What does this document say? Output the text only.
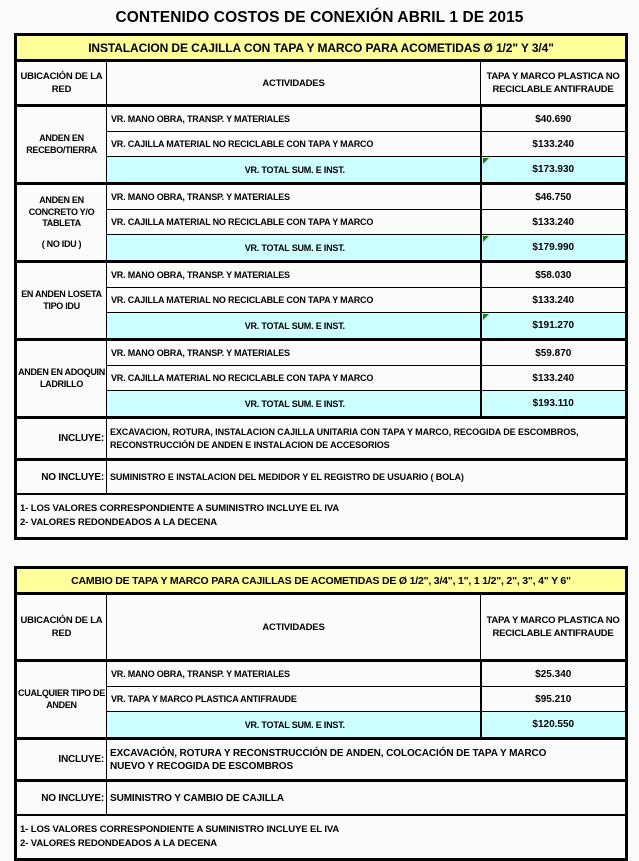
CONTENIDO COSTOS DE CONEXIÓN ABRIL 1 DE 2015
INSTALACION DE CAJILLA CON TAPA Y MARCO PARA ACOMETIDAS Ø 1/2" Y 3/4"		
UBICACIÓN DE LA RED	ACTIVIDADES	TAPA Y MARCO PLASTICA NO RECICLABLE ANTIFRAUDE

ANDEN EN RECEBO/TIERRA	VR. MANO OBRA, TRANSP. Y MATERIALES	$40.690
	VR. CAJILLA MATERIAL NO RECICLABLE CON TAPA Y MARCO	$133.240
	VR. TOTAL SUM. E INST.	$173.930

ANDEN EN CONCRETO Y/O TABLETA
( NO IDU )	VR. MANO OBRA, TRANSP. Y MATERIALES	$46.750
	VR. CAJILLA MATERIAL NO RECICLABLE CON TAPA Y MARCO	$133.240
	VR. TOTAL SUM. E INST.	$179.990

EN ANDEN LOSETA TIPO IDU	VR. MANO OBRA, TRANSP. Y MATERIALES	$58.030
	VR. CAJILLA MATERIAL NO RECICLABLE CON TAPA Y MARCO	$133.240
	VR. TOTAL SUM. E INST.	$191.270

ANDEN EN ADOQUIN LADRILLO	VR. MANO OBRA, TRANSP. Y MATERIALES	$59.870
	VR. CAJILLA MATERIAL NO RECICLABLE CON TAPA Y MARCO	$133.240
	VR. TOTAL SUM. E INST.	$193.110
INCLUYE:	EXCAVACION, ROTURA, INSTALACION CAJILLA UNITARIA CON TAPA Y MARCO, RECOGIDA DE ESCOMBROS, RECONSTRUCCIÓN DE ANDEN E INSTALACION DE ACCESORIOS	

NO INCLUYE:	SUMINISTRO E INSTALACION DEL MEDIDOR Y EL REGISTRO DE USUARIO ( BOLA)	

1- LOS VALORES CORRESPONDIENTE A SUMINISTRO INCLUYE EL IVA
2- VALORES REDONDEADOS A LA DECENA		
CAMBIO DE TAPA Y MARCO PARA CAJILLAS DE ACOMETIDAS DE Ø 1/2", 3/4", 1", 1 1/2", 2", 3", 4" Y 6"		
UBICACIÓN DE LA RED	ACTIVIDADES	TAPA Y MARCO PLASTICA NO RECICLABLE ANTIFRAUDE

CUALQUIER TIPO DE ANDEN	VR. MANO OBRA, TRANSP. Y MATERIALES	$25.340
	VR. TAPA Y MARCO PLASTICA ANTIFRAUDE	$95.210
	VR. TOTAL SUM. E INST.	$120.550
INCLUYE:	EXCAVACIÓN, ROTURA Y RECONSTRUCCIÓN DE ANDEN, COLOCACIÓN DE TAPA Y MARCO NUEVO Y RECOGIDA DE ESCOMBROS	

NO INCLUYE:	SUMINISTRO Y CAMBIO DE CAJILLA	

1- LOS VALORES CORRESPONDIENTE A SUMINISTRO INCLUYE EL IVA
2- VALORES REDONDEADOS A LA DECENA		
